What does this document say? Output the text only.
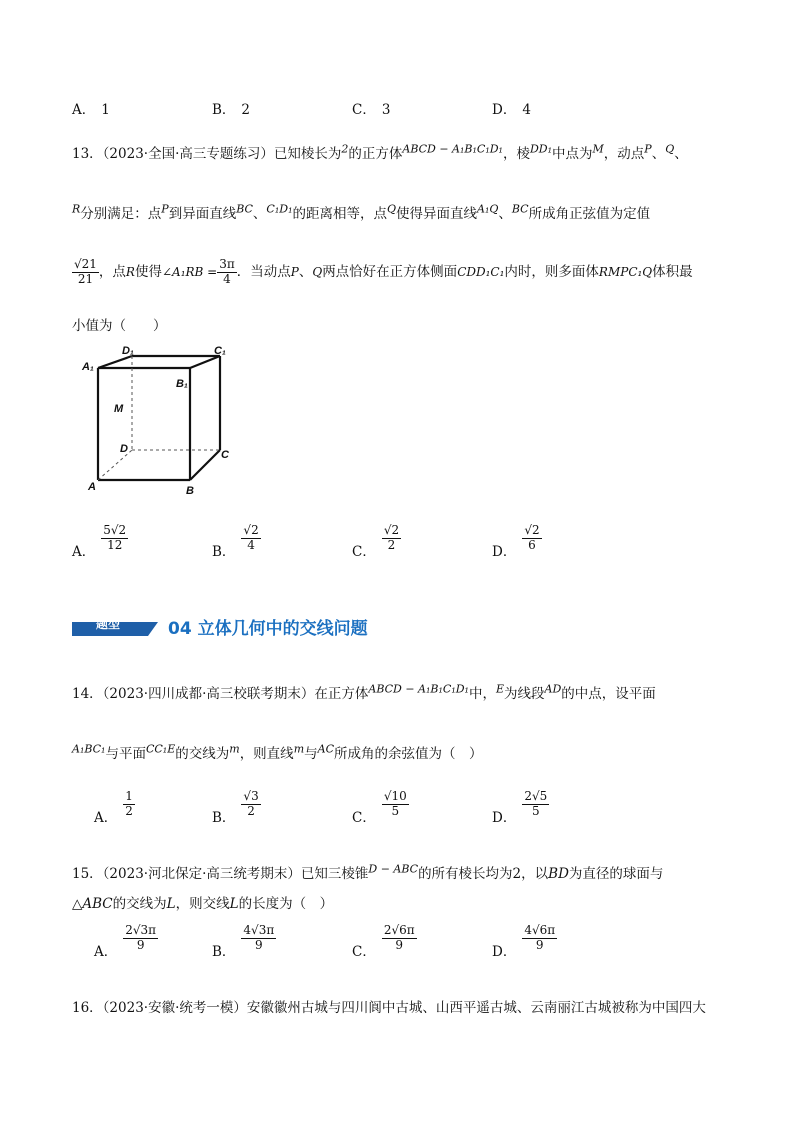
A． 1	B． 2	C． 3	D． 4
13．（2023·全国·高三专题练习）已知棱长为$^2$的正方体$^{ABCD - A_1B_1C_1D_1}$，棱$^{DD_1}$中点为$^M$，动点$^P$、$^Q$、
$^R$分别满足：点$^P$到异面直线$^{BC}$、$^{C_1D_1}$的距离相等，点$^Q$使得异面直线$^{A_1Q}$、$^{BC}$所成角正弦值为定值
$\frac{√21}{21}$ ，点R使得∠A₁RB = $\frac{3\pi}{4}$ ．当动点P、Q两点恰好在正方体侧面CDD₁C₁内时，则多面体RMPC₁Q体积最
小值为（　　）
D₁	C₁
A₁
B₁
M
D	C
A	B
A． $\frac{5√2}{12}$	B． $\frac{√2}{4}$	C． $\frac{√2}{2}$	D． $\frac{√2}{6}$
题型	04 立体几何中的交线问题
14．（2023·四川成都·高三校联考期末）在正方体$^{ABCD - A_1B_1C_1D_1}$中，$^E$为线段$^{AD}$的中点，设平面
$^{A_1BC_1}$与平面$^{CC_1E}$的交线为$^m$，则直线$^m$与$^{AC}$所成角的余弦值为（　）
A． $\frac{1}{2}$	B． $\frac{√3}{2}$	C． $\frac{√10}{5}$	D． $\frac{2√5}{5}$
15．（2023·河北保定·高三统考期末）已知三棱锥$^{D - ABC}$的所有棱长均为2，以BD为直径的球面与
△ABC的交线为L，则交线L的长度为（　）
A． $\frac{2√3\pi}{9}$	B． $\frac{4√3\pi}{9}$	C． $\frac{2√6\pi}{9}$	D． $\frac{4√6\pi}{9}$
16．（2023·安徽·统考一模）安徽徽州古城与四川阆中古城、山西平遥古城、云南丽江古城被称为中国四大
